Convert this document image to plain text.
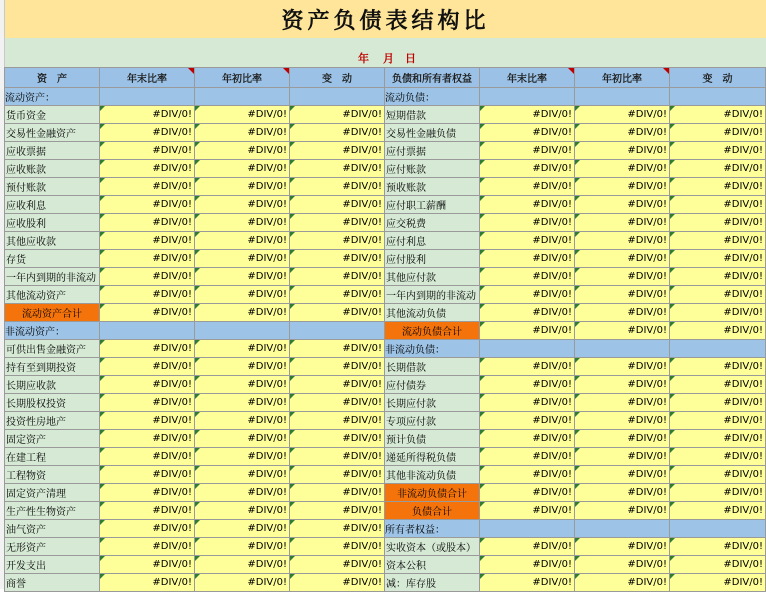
资产负债表结构比
年 月 日
资　产	年末比率	年初比率	变　动	负债和所有者权益	年末比率	年初比率	变　动
流动资产：				流动负债：			
货币资金	#DIV/0!	#DIV/0!	#DIV/0!	短期借款	#DIV/0!	#DIV/0!	#DIV/0!
交易性金融资产	#DIV/0!	#DIV/0!	#DIV/0!	交易性金融负债	#DIV/0!	#DIV/0!	#DIV/0!
应收票据	#DIV/0!	#DIV/0!	#DIV/0!	应付票据	#DIV/0!	#DIV/0!	#DIV/0!
应收账款	#DIV/0!	#DIV/0!	#DIV/0!	应付账款	#DIV/0!	#DIV/0!	#DIV/0!
预付账款	#DIV/0!	#DIV/0!	#DIV/0!	预收账款	#DIV/0!	#DIV/0!	#DIV/0!
应收利息	#DIV/0!	#DIV/0!	#DIV/0!	应付职工薪酬	#DIV/0!	#DIV/0!	#DIV/0!
应收股利	#DIV/0!	#DIV/0!	#DIV/0!	应交税费	#DIV/0!	#DIV/0!	#DIV/0!
其他应收款	#DIV/0!	#DIV/0!	#DIV/0!	应付利息	#DIV/0!	#DIV/0!	#DIV/0!
存货	#DIV/0!	#DIV/0!	#DIV/0!	应付股利	#DIV/0!	#DIV/0!	#DIV/0!
一年内到期的非流动	#DIV/0!	#DIV/0!	#DIV/0!	其他应付款	#DIV/0!	#DIV/0!	#DIV/0!
其他流动资产	#DIV/0!	#DIV/0!	#DIV/0!	一年内到期的非流动	#DIV/0!	#DIV/0!	#DIV/0!
流动资产合计	#DIV/0!	#DIV/0!	#DIV/0!	其他流动负债	#DIV/0!	#DIV/0!	#DIV/0!
非流动资产：				流动负债合计	#DIV/0!	#DIV/0!	#DIV/0!
可供出售金融资产	#DIV/0!	#DIV/0!	#DIV/0!	非流动负债：			
持有至到期投资	#DIV/0!	#DIV/0!	#DIV/0!	长期借款	#DIV/0!	#DIV/0!	#DIV/0!
长期应收款	#DIV/0!	#DIV/0!	#DIV/0!	应付债券	#DIV/0!	#DIV/0!	#DIV/0!
长期股权投资	#DIV/0!	#DIV/0!	#DIV/0!	长期应付款	#DIV/0!	#DIV/0!	#DIV/0!
投资性房地产	#DIV/0!	#DIV/0!	#DIV/0!	专项应付款	#DIV/0!	#DIV/0!	#DIV/0!
固定资产	#DIV/0!	#DIV/0!	#DIV/0!	预计负债	#DIV/0!	#DIV/0!	#DIV/0!
在建工程	#DIV/0!	#DIV/0!	#DIV/0!	递延所得税负债	#DIV/0!	#DIV/0!	#DIV/0!
工程物资	#DIV/0!	#DIV/0!	#DIV/0!	其他非流动负债	#DIV/0!	#DIV/0!	#DIV/0!
固定资产清理	#DIV/0!	#DIV/0!	#DIV/0!	非流动负债合计	#DIV/0!	#DIV/0!	#DIV/0!
生产性生物资产	#DIV/0!	#DIV/0!	#DIV/0!	负债合计	#DIV/0!	#DIV/0!	#DIV/0!
油气资产	#DIV/0!	#DIV/0!	#DIV/0!	所有者权益：			
无形资产	#DIV/0!	#DIV/0!	#DIV/0!	实收资本（或股本）	#DIV/0!	#DIV/0!	#DIV/0!
开发支出	#DIV/0!	#DIV/0!	#DIV/0!	资本公积	#DIV/0!	#DIV/0!	#DIV/0!
商誉	#DIV/0!	#DIV/0!	#DIV/0!	减：库存股	#DIV/0!	#DIV/0!	#DIV/0!
